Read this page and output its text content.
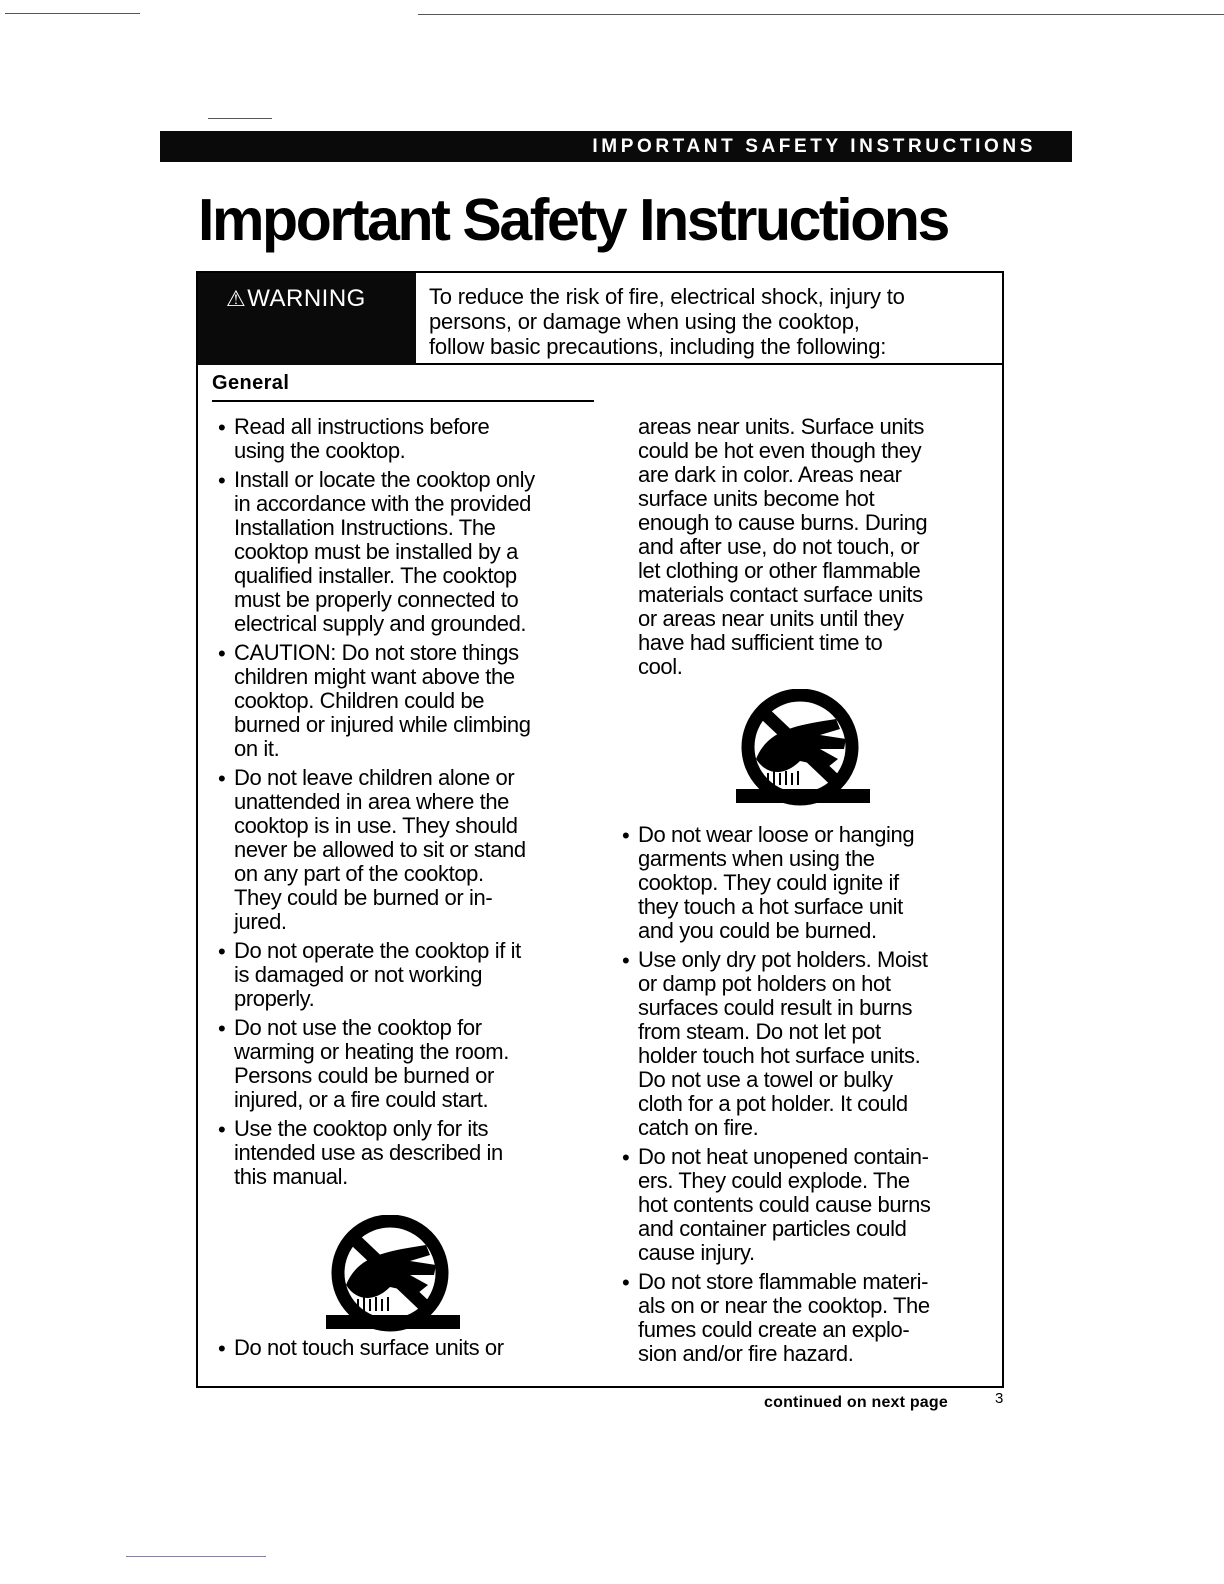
IMPORTANT SAFETY INSTRUCTIONS
Important Safety Instructions
⚠WARNING	To reduce the risk of fire, electrical shock, injury to
persons, or damage when using the cooktop,
follow basic precautions, including the following:
General
• Read all instructions before
using the cooktop.
• Install or locate the cooktop only
in accordance with the provided
Installation Instructions. The
cooktop must be installed by a
qualified installer. The cooktop
must be properly connected to
electrical supply and grounded.
• CAUTION: Do not store things
children might want above the
cooktop. Children could be
burned or injured while climbing
on it.
• Do not leave children alone or
unattended in area where the
cooktop is in use. They should
never be allowed to sit or stand
on any part of the cooktop.
They could be burned or in-
jured.
• Do not operate the cooktop if it
is damaged or not working
properly.
• Do not use the cooktop for
warming or heating the room.
Persons could be burned or
injured, or a fire could start.
• Use the cooktop only for its
intended use as described in
this manual.
• Do not touch surface units or
areas near units. Surface units
could be hot even though they
are dark in color. Areas near
surface units become hot
enough to cause burns. During
and after use, do not touch, or
let clothing or other flammable
materials contact surface units
or areas near units until they
have had sufficient time to
cool.
• Do not wear loose or hanging
garments when using the
cooktop. They could ignite if
they touch a hot surface unit
and you could be burned.
• Use only dry pot holders. Moist
or damp pot holders on hot
surfaces could result in burns
from steam. Do not let pot
holder touch hot surface units.
Do not use a towel or bulky
cloth for a pot holder. It could
catch on fire.
• Do not heat unopened contain-
ers. They could explode. The
hot contents could cause burns
and container particles could
cause injury.
• Do not store flammable materi-
als on or near the cooktop. The
fumes could create an explo-
sion and/or fire hazard.
continued on next page	3
